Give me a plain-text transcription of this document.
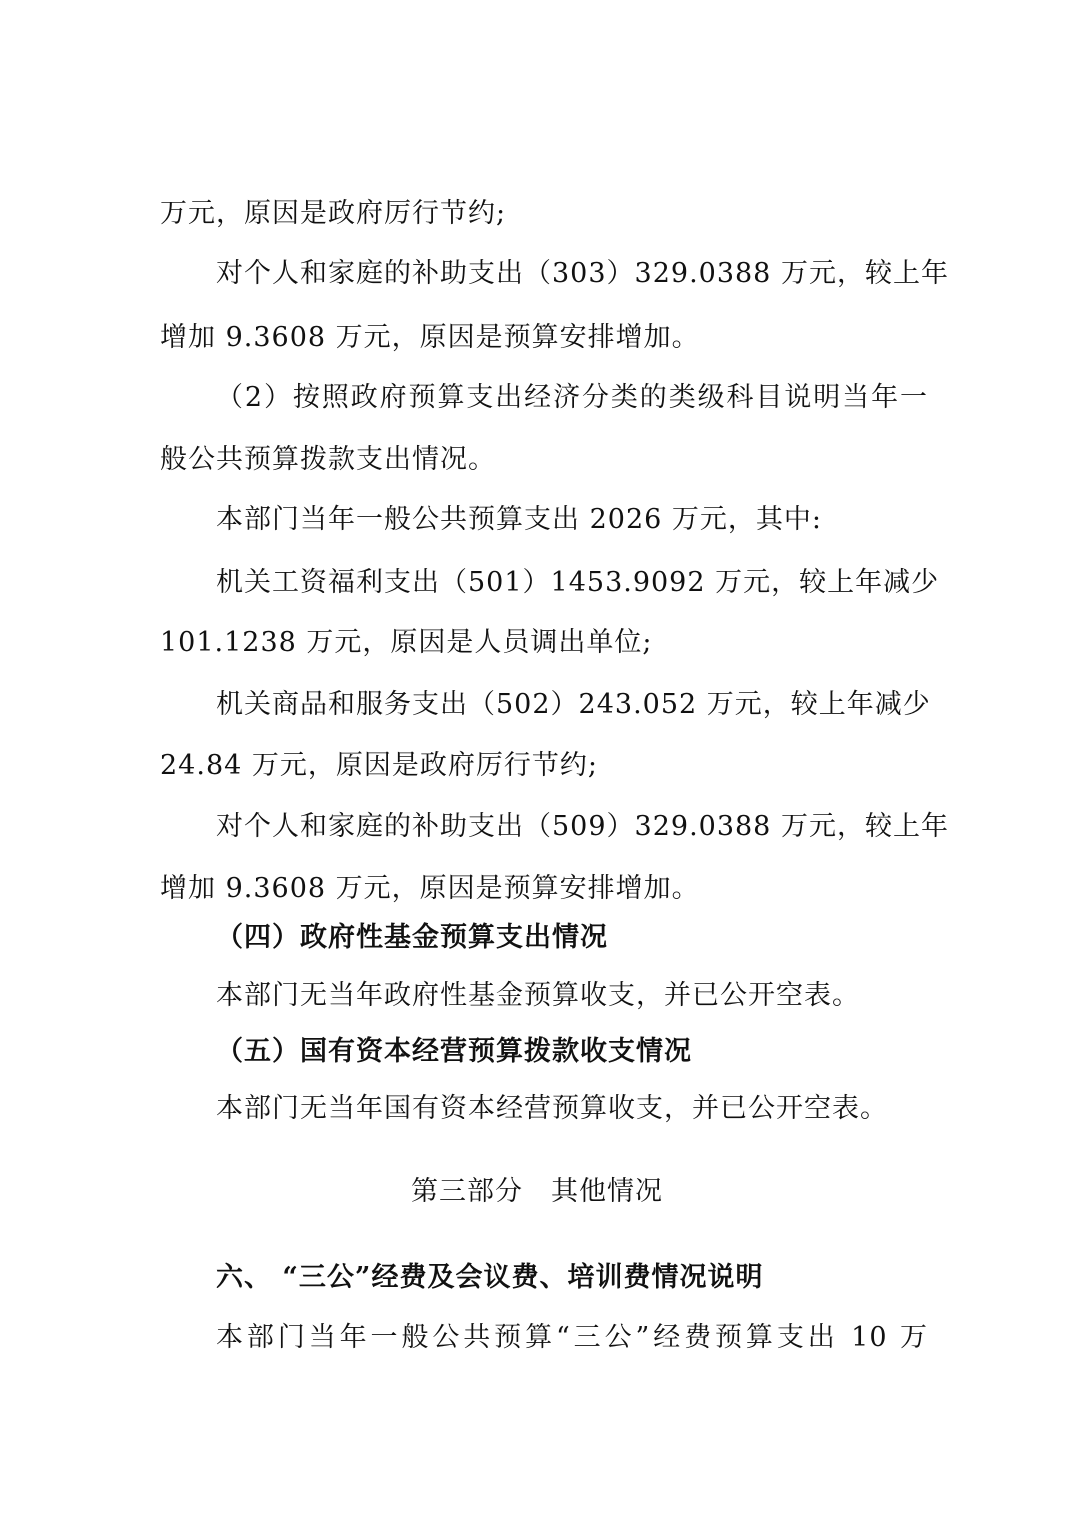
万元，原因是政府厉行节约;
对个人和家庭的补助支出（303）329.0388 万元，较上年
增加 9.3608 万元，原因是预算安排增加。
（2）按照政府预算支出经济分类的类级科目说明当年一
般公共预算拨款支出情况。
本部门当年一般公共预算支出 2026 万元，其中:
机关工资福利支出（501）1453.9092 万元，较上年减少
101.1238 万元，原因是人员调出单位;
机关商品和服务支出（502）243.052 万元，较上年减少
24.84 万元，原因是政府厉行节约;
对个人和家庭的补助支出（509）329.0388 万元，较上年
增加 9.3608 万元，原因是预算安排增加。
（四）政府性基金预算支出情况
本部门无当年政府性基金预算收支，并已公开空表。
（五）国有资本经营预算拨款收支情况
本部门无当年国有资本经营预算收支，并已公开空表。
第三部分　其他情况
六、 “三公”经费及会议费、培训费情况说明
本部门当年一般公共预算“三公”经费预算支出 10 万
